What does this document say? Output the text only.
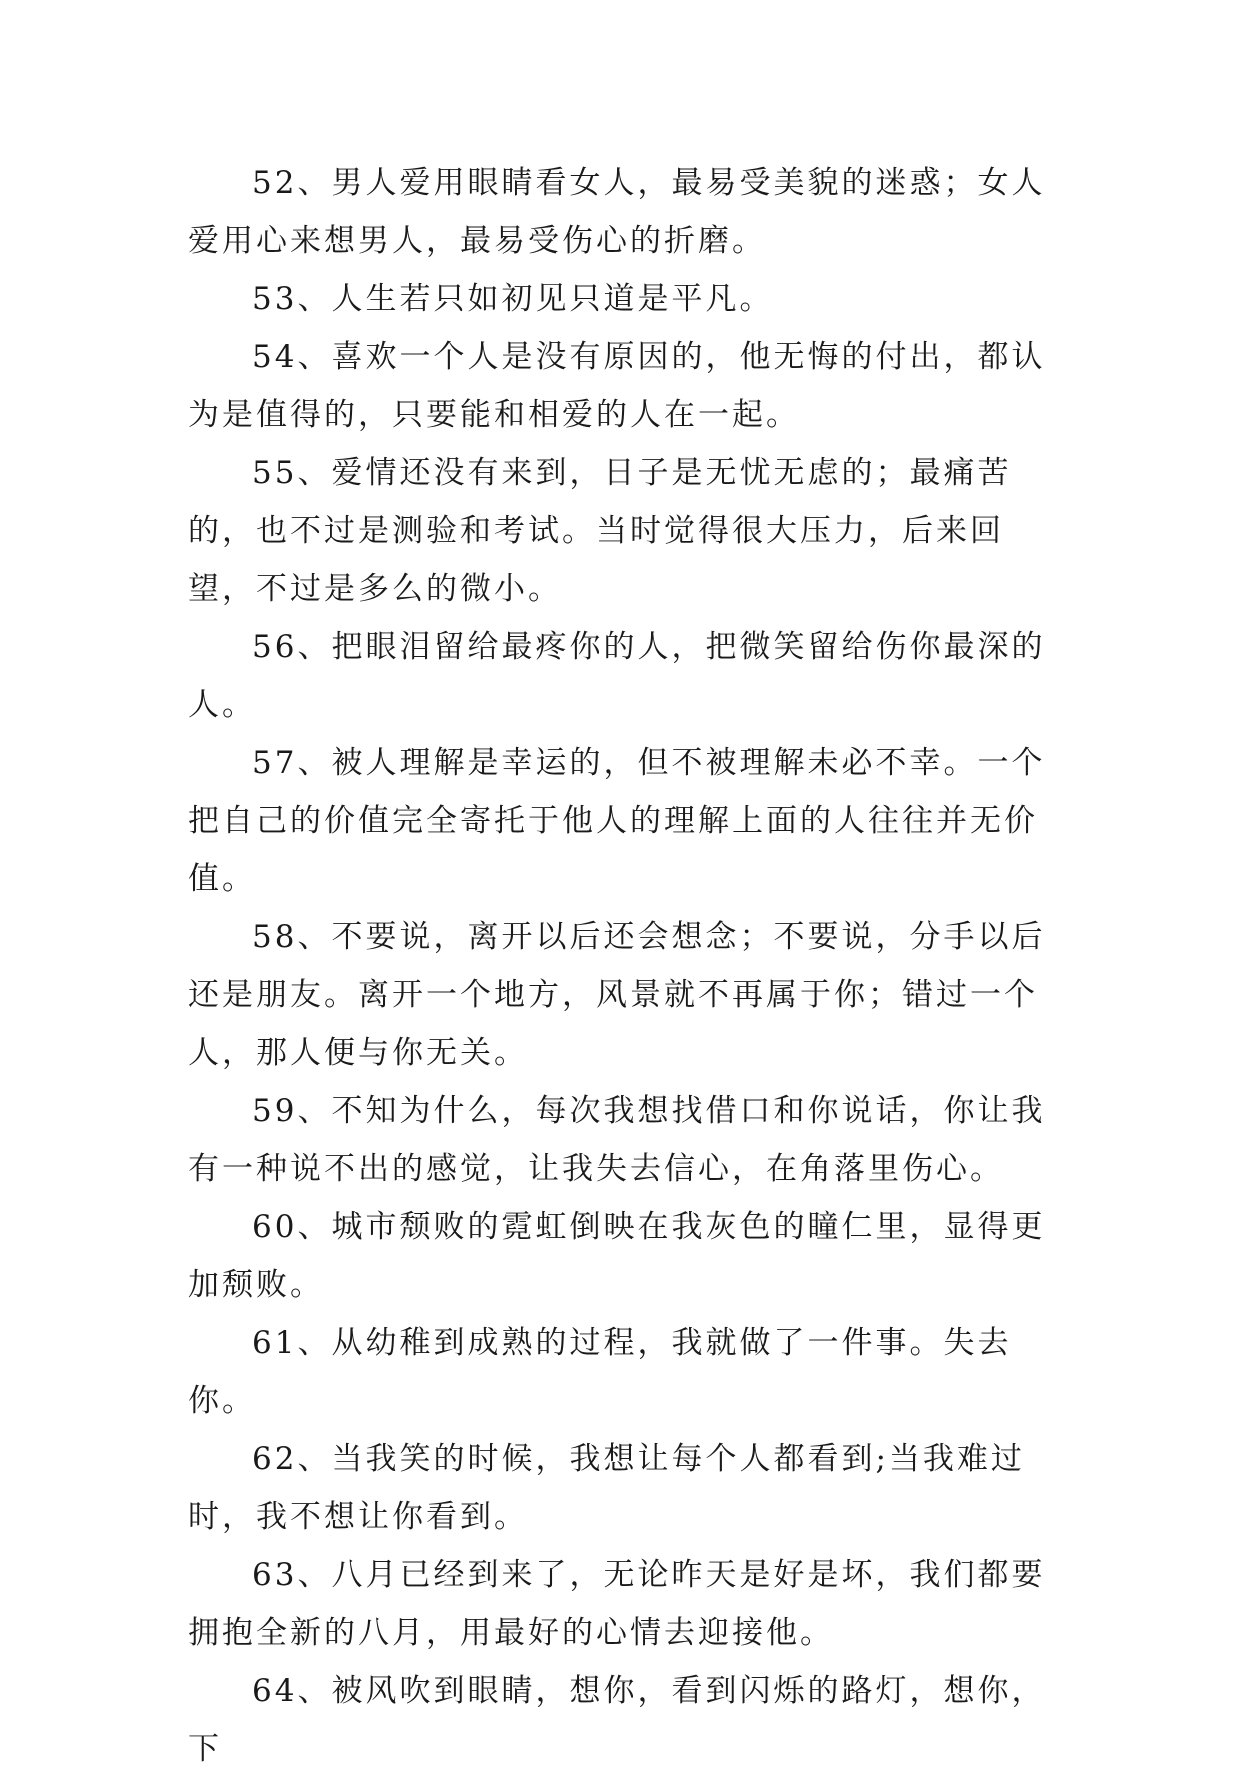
52、男人爱用眼睛看女人，最易受美貌的迷惑；女人爱用心来想男人，最易受伤心的折磨。

53、人生若只如初见只道是平凡。

54、喜欢一个人是没有原因的，他无悔的付出，都认为是值得的，只要能和相爱的人在一起。

55、爱情还没有来到，日子是无忧无虑的；最痛苦的，也不过是测验和考试。当时觉得很大压力，后来回望，不过是多么的微小。

56、把眼泪留给最疼你的人，把微笑留给伤你最深的人。

57、被人理解是幸运的，但不被理解未必不幸。一个把自己的价值完全寄托于他人的理解上面的人往往并无价值。

58、不要说，离开以后还会想念；不要说，分手以后还是朋友。离开一个地方，风景就不再属于你；错过一个人，那人便与你无关。

59、不知为什么，每次我想找借口和你说话，你让我有一种说不出的感觉，让我失去信心，在角落里伤心。

60、城市颓败的霓虹倒映在我灰色的瞳仁里，显得更加颓败。

61、从幼稚到成熟的过程，我就做了一件事。失去你。

62、当我笑的时候，我想让每个人都看到;当我难过时，我不想让你看到。

63、八月已经到来了，无论昨天是好是坏，我们都要拥抱全新的八月，用最好的心情去迎接他。

64、被风吹到眼睛，想你，看到闪烁的路灯，想你，下
